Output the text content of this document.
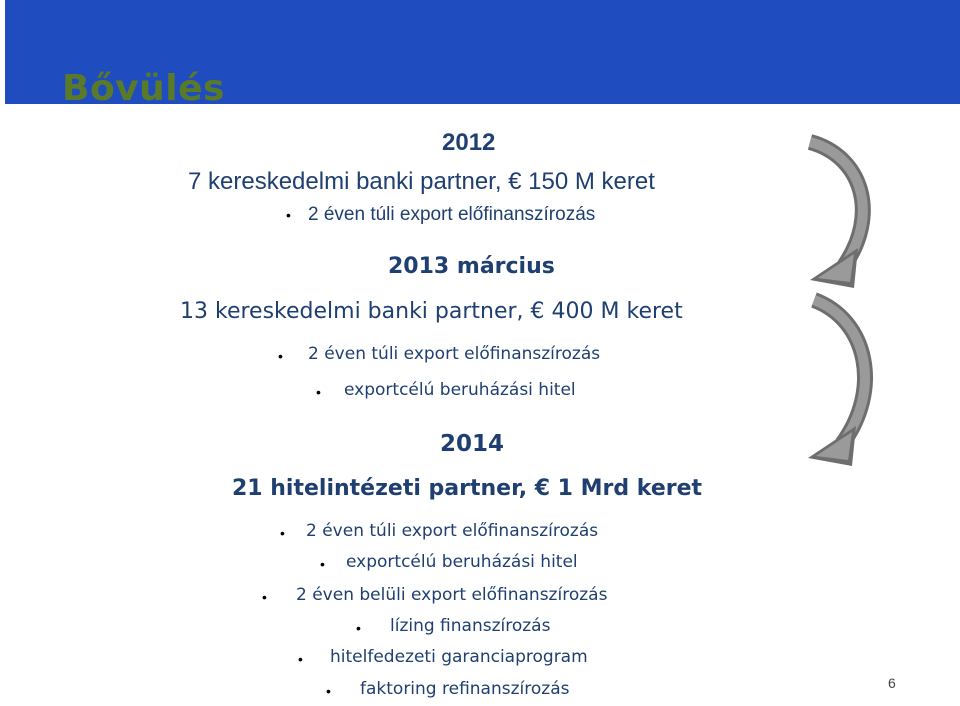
Bővülés
2012
7 kereskedelmi banki partner, € 150 M keret
• 2 éven túli export előfinanszírozás
2013 március
13 kereskedelmi banki partner, € 400 M keret
• 2 éven túli export előfinanszírozás
• exportcélú beruházási hitel
2014
21 hitelintézeti partner, € 1 Mrd keret
• 2 éven túli export előfinanszírozás
• exportcélú beruházási hitel
• 2 éven belüli export előfinanszírozás
• lízing finanszírozás
• hitelfedezeti garanciaprogram
• faktoring refinanszírozás	6
